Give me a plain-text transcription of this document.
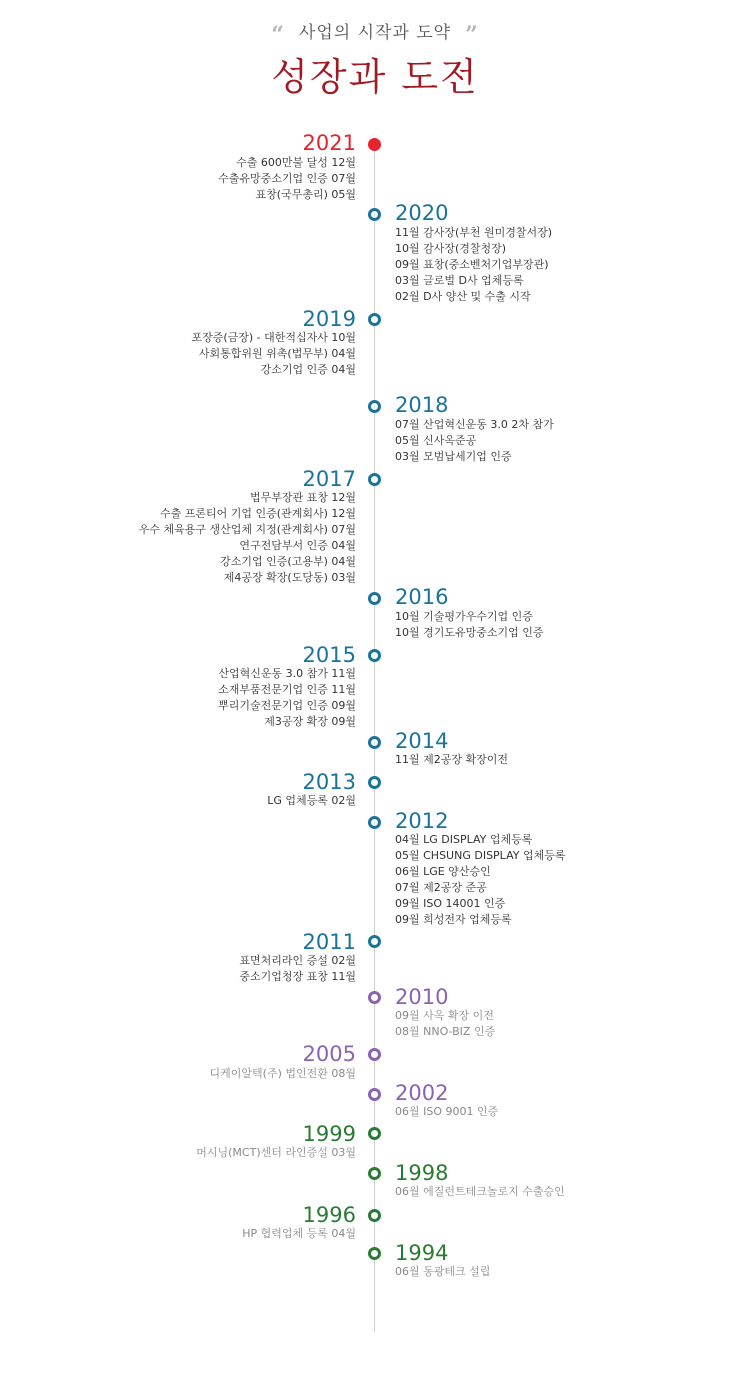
“ 사업의 시작과 도약 ”
성장과 도전
2021
수출 600만불 달성 12월
수출유망중소기업 인증 07월
표창(국무총리) 05월
2020
11월 감사장(부천 원미경찰서장)
10월 감사장(경찰청장)
09월 표창(중소벤처기업부장관)
03월 글로벌 D사 업체등록
02월 D사 양산 및 수출 시작
2019
포장증(금장) - 대한적십자사 10월
사회통합위원 위촉(법무부) 04월
강소기업 인증 04월
2018
07월 산업혁신운동 3.0 2차 참가
05월 신사옥준공
03월 모범납세기업 인증
2017
법무부장관 표창 12월
수출 프론티어 기업 인증(관계회사) 12월
우수 체육용구 생산업체 지정(관계회사) 07월
연구전담부서 인증 04월
강소기업 인증(고용부) 04월
제4공장 확장(도당동) 03월
2016
10월 기술평가우수기업 인증
10월 경기도유망중소기업 인증
2015
산업혁신운동 3.0 참가 11월
소재부품전문기업 인증 11월
뿌리기술전문기업 인증 09월
제3공장 확장 09월
2014
11월 제2공장 확장이전
2013
LG 업체등록 02월
2012
04월 LG DISPLAY 업체등록
05월 CHSUNG DISPLAY 업체등록
06월 LGE 양산승인
07월 제2공장 준공
09월 ISO 14001 인증
09월 희성전자 업체등록
2011
표면처리라인 증설 02월
중소기업청장 표창 11월
2010
09월 사옥 확장 이전
08월 NNO-BIZ 인증
2005
디케이알텍(주) 법인전환 08월
2002
06월 ISO 9001 인증
1999
머시닝(MCT)센터 라인증설 03월
1998
06월 에질런트테크놀로지 수출승인
1996
HP 협력업체 등록 04월
1994
06월 동광테크 설립
